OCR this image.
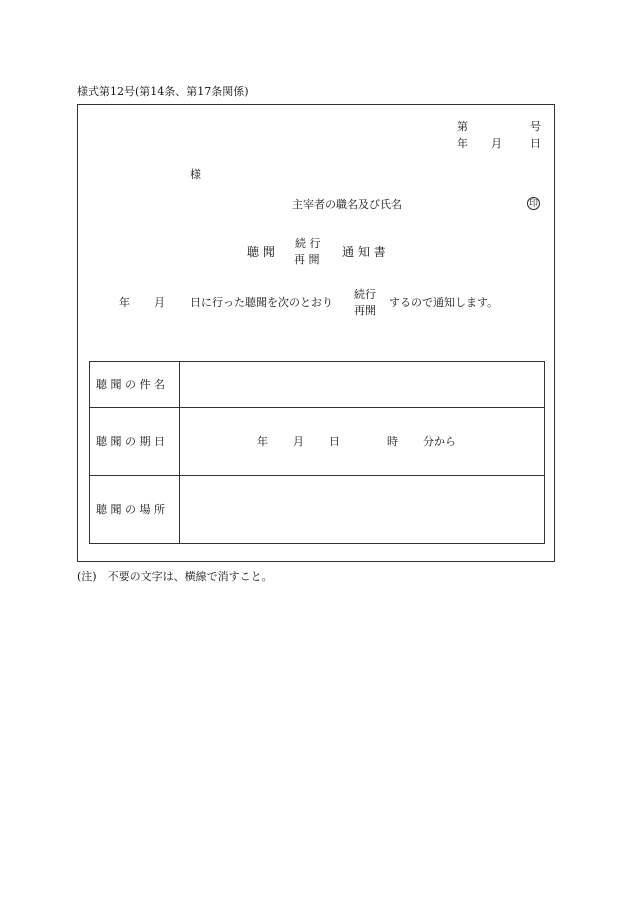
様式第12号(第14条、第17条関係)
第	号
年 月	日
様
主宰者の職名及び氏名	印
聴 聞
続 行
再 開
通 知 書
年 月 日に行った聴聞を次のとおり
続行
再開
するので通知します。
聴 聞 の 件 名
聴 聞 の 期 日	年 月 日	時 分から
聴 聞 の 場 所
(注)　不要の文字は、横線で消すこと。
